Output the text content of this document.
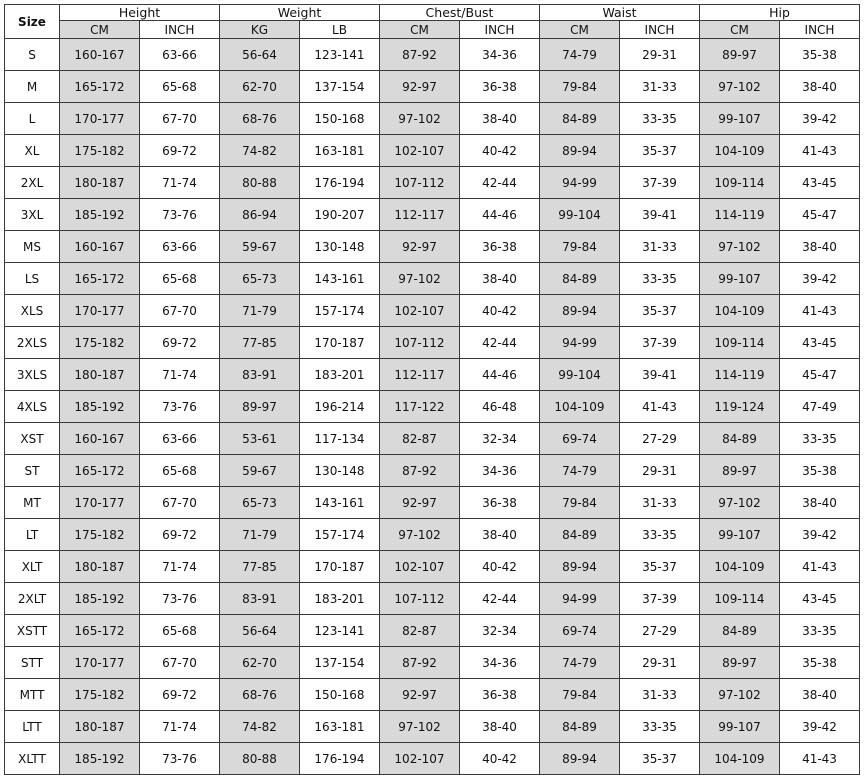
Size	Height		Weight		Chest/Bust		Waist		Hip	
	CM	INCH	KG	LB	CM	INCH	CM	INCH	CM	INCH
S	160-167	63-66	56-64	123-141	87-92	34-36	74-79	29-31	89-97	35-38
M	165-172	65-68	62-70	137-154	92-97	36-38	79-84	31-33	97-102	38-40
L	170-177	67-70	68-76	150-168	97-102	38-40	84-89	33-35	99-107	39-42
XL	175-182	69-72	74-82	163-181	102-107	40-42	89-94	35-37	104-109	41-43
2XL	180-187	71-74	80-88	176-194	107-112	42-44	94-99	37-39	109-114	43-45
3XL	185-192	73-76	86-94	190-207	112-117	44-46	99-104	39-41	114-119	45-47
MS	160-167	63-66	59-67	130-148	92-97	36-38	79-84	31-33	97-102	38-40
LS	165-172	65-68	65-73	143-161	97-102	38-40	84-89	33-35	99-107	39-42
XLS	170-177	67-70	71-79	157-174	102-107	40-42	89-94	35-37	104-109	41-43
2XLS	175-182	69-72	77-85	170-187	107-112	42-44	94-99	37-39	109-114	43-45
3XLS	180-187	71-74	83-91	183-201	112-117	44-46	99-104	39-41	114-119	45-47
4XLS	185-192	73-76	89-97	196-214	117-122	46-48	104-109	41-43	119-124	47-49
XST	160-167	63-66	53-61	117-134	82-87	32-34	69-74	27-29	84-89	33-35
ST	165-172	65-68	59-67	130-148	87-92	34-36	74-79	29-31	89-97	35-38
MT	170-177	67-70	65-73	143-161	92-97	36-38	79-84	31-33	97-102	38-40
LT	175-182	69-72	71-79	157-174	97-102	38-40	84-89	33-35	99-107	39-42
XLT	180-187	71-74	77-85	170-187	102-107	40-42	89-94	35-37	104-109	41-43
2XLT	185-192	73-76	83-91	183-201	107-112	42-44	94-99	37-39	109-114	43-45
XSTT	165-172	65-68	56-64	123-141	82-87	32-34	69-74	27-29	84-89	33-35
STT	170-177	67-70	62-70	137-154	87-92	34-36	74-79	29-31	89-97	35-38
MTT	175-182	69-72	68-76	150-168	92-97	36-38	79-84	31-33	97-102	38-40
LTT	180-187	71-74	74-82	163-181	97-102	38-40	84-89	33-35	99-107	39-42
XLTT	185-192	73-76	80-88	176-194	102-107	40-42	89-94	35-37	104-109	41-43
